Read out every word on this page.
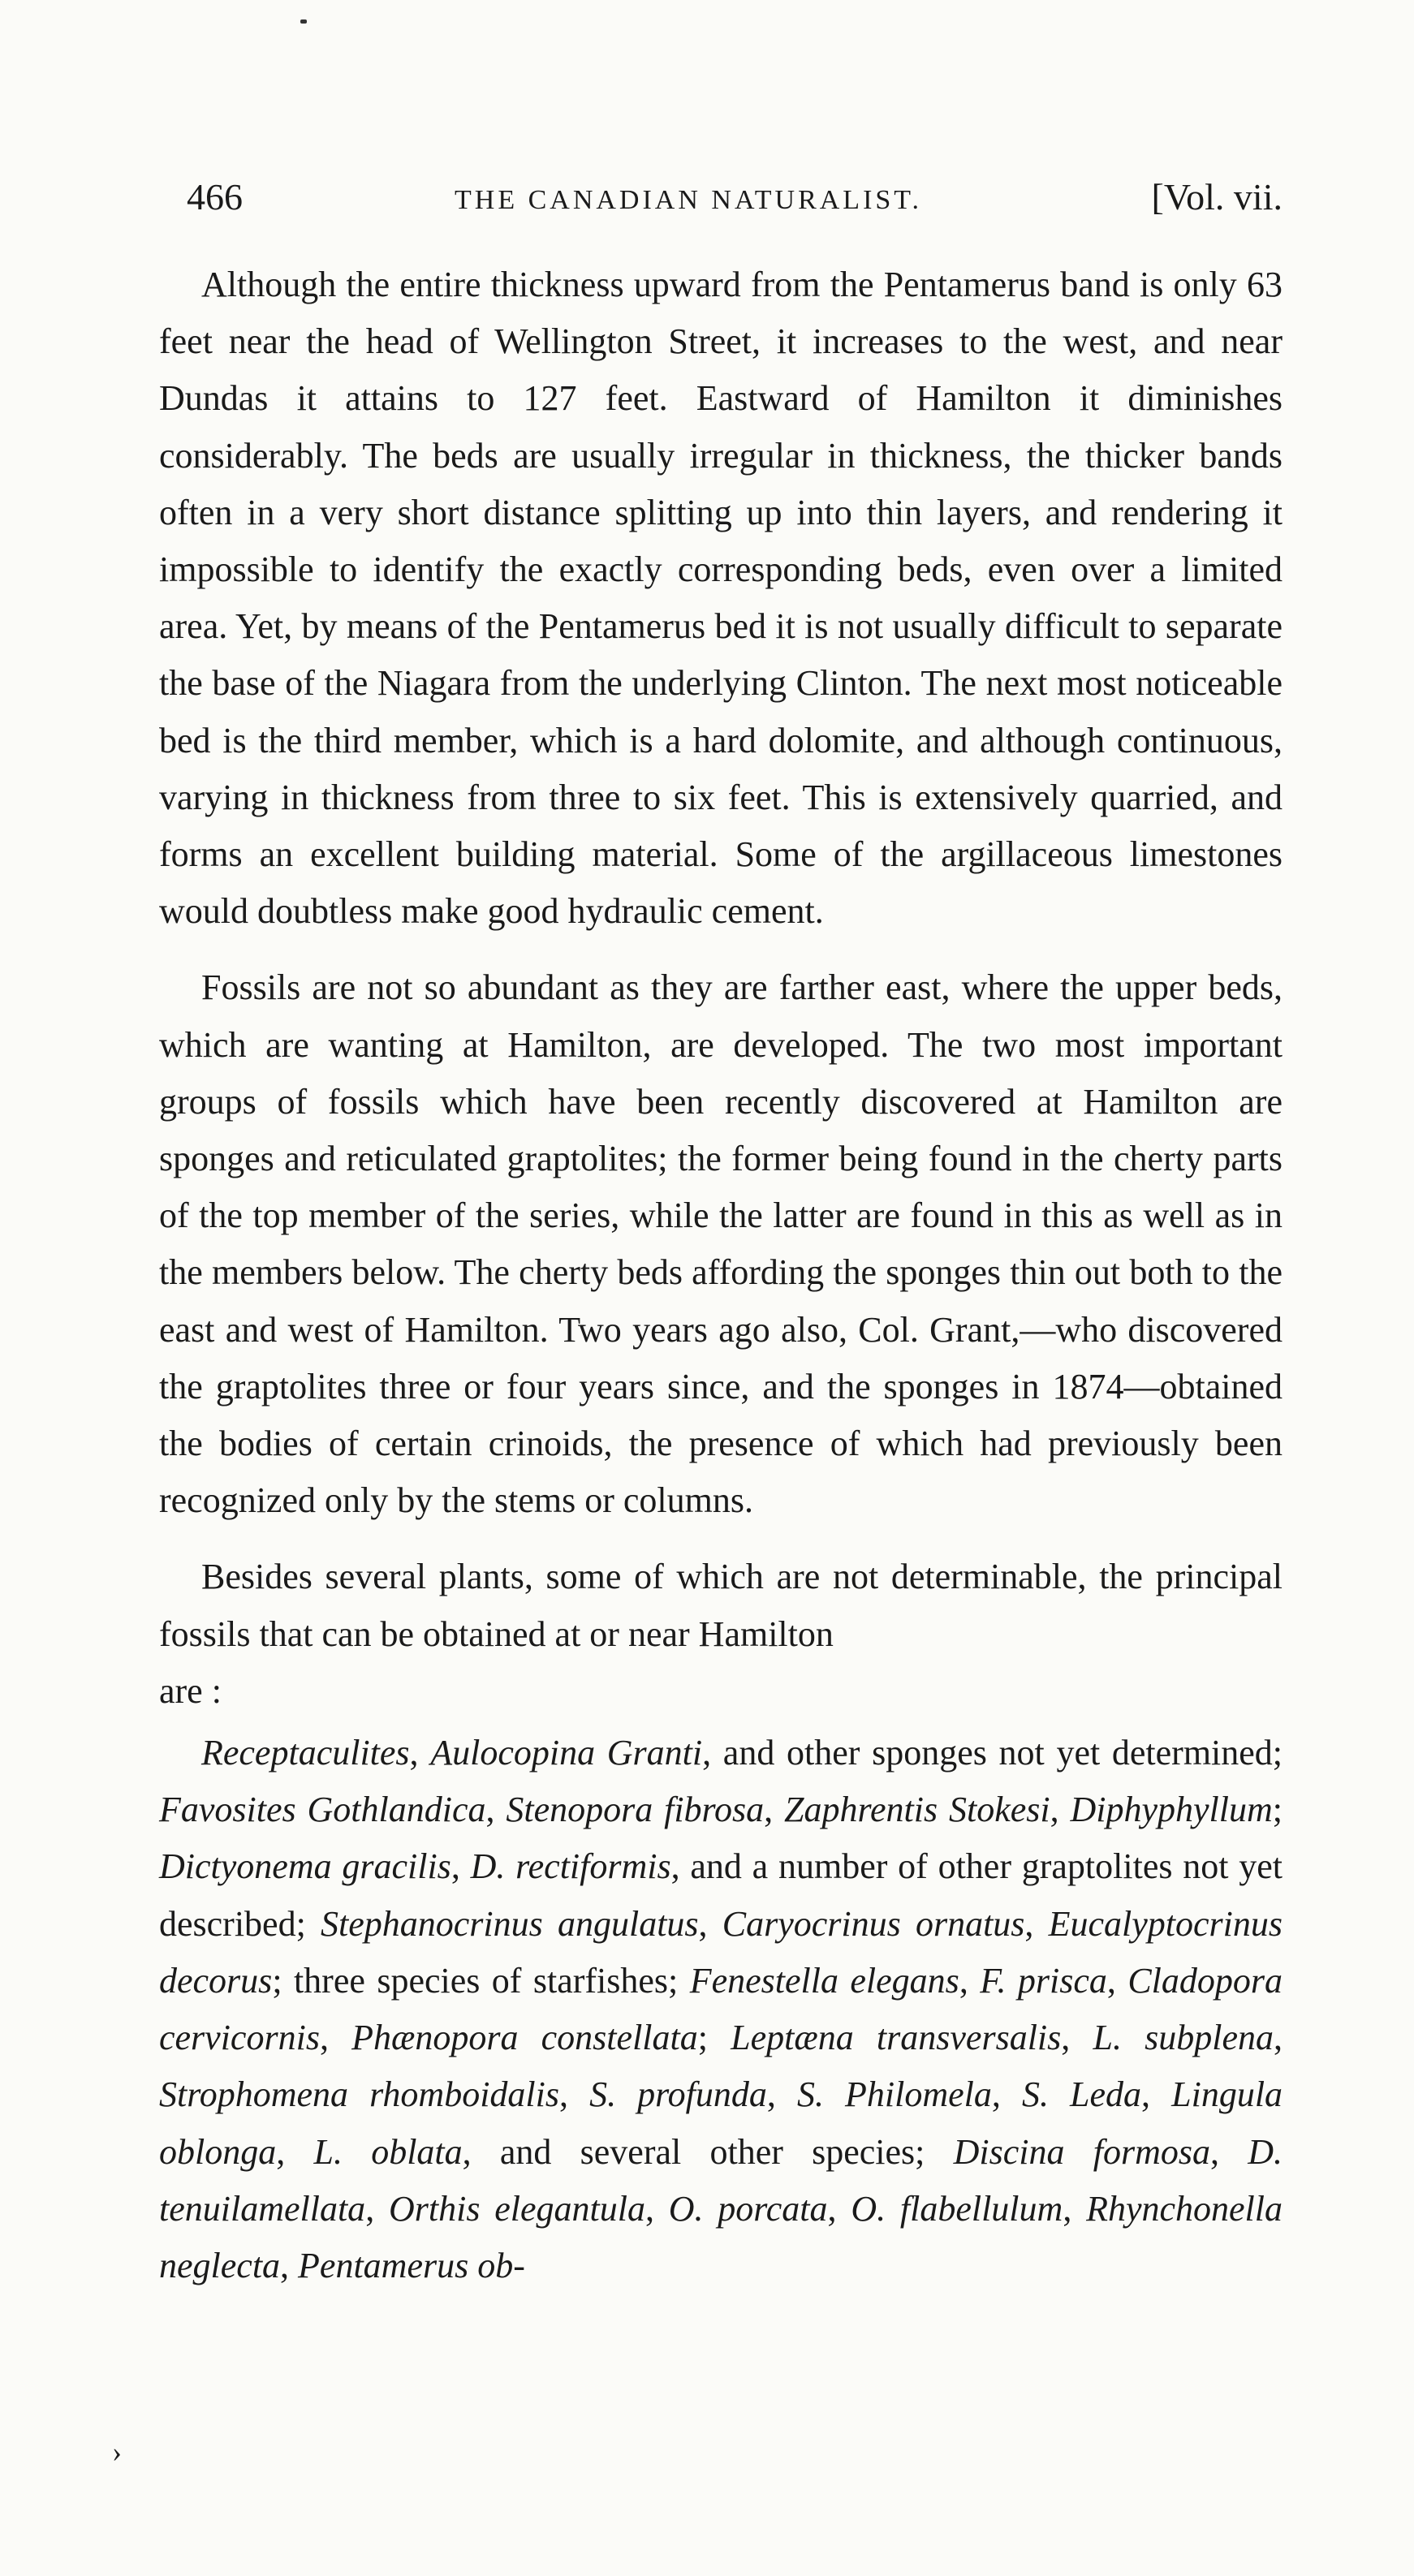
466	THE CANADIAN NATURALIST.	[Vol. vii.

Although the entire thickness upward from the Pentamerus band is only 63 feet near the head of Wellington Street, it increases to the west, and near Dundas it attains to 127 feet. Eastward of Hamilton it diminishes considerably. The beds are usually irregular in thickness, the thicker bands often in a very short distance splitting up into thin layers, and rendering it impossible to identify the exactly corresponding beds, even over a limited area. Yet, by means of the Pentamerus bed it is not usually difficult to separate the base of the Niagara from the underlying Clinton. The next most noticeable bed is the third member, which is a hard dolomite, and although continuous, varying in thickness from three to six feet. This is extensively quarried, and forms an excellent building material. Some of the argillaceous limestones would doubtless make good hydraulic cement.

Fossils are not so abundant as they are farther east, where the upper beds, which are wanting at Hamilton, are developed. The two most important groups of fossils which have been recently discovered at Hamilton are sponges and reticulated graptolites; the former being found in the cherty parts of the top member of the series, while the latter are found in this as well as in the members below. The cherty beds affording the sponges thin out both to the east and west of Hamilton. Two years ago also, Col. Grant,—who discovered the graptolites three or four years since, and the sponges in 1874—obtained the bodies of certain crinoids, the presence of which had previously been recognized only by the stems or columns.

Besides several plants, some of which are not determinable, the principal fossils that can be obtained at or near Hamilton
are :

Receptaculites, Aulocopina Granti, and other sponges not yet determined; Favosites Gothlandica, Stenopora fibrosa, Zaphrentis Stokesi, Diphyphyllum; Dictyonema gracilis, D. rectiformis, and a number of other graptolites not yet described; Stephanocrinus angulatus, Caryocrinus ornatus, Eucalyptocrinus decorus; three species of starfishes; Fenestella elegans, F. prisca, Cladopora cervicornis, Phænopora constellata; Leptæna transversalis, L. subplena, Strophomena rhomboidalis, S. profunda, S. Philomela, S. Leda, Lingula oblonga, L. oblata, and several other species; Discina formosa, D. tenuilamellata, Orthis elegantula, O. porcata, O. flabellulum, Rhynchonella neglecta, Pentamerus ob-

›
